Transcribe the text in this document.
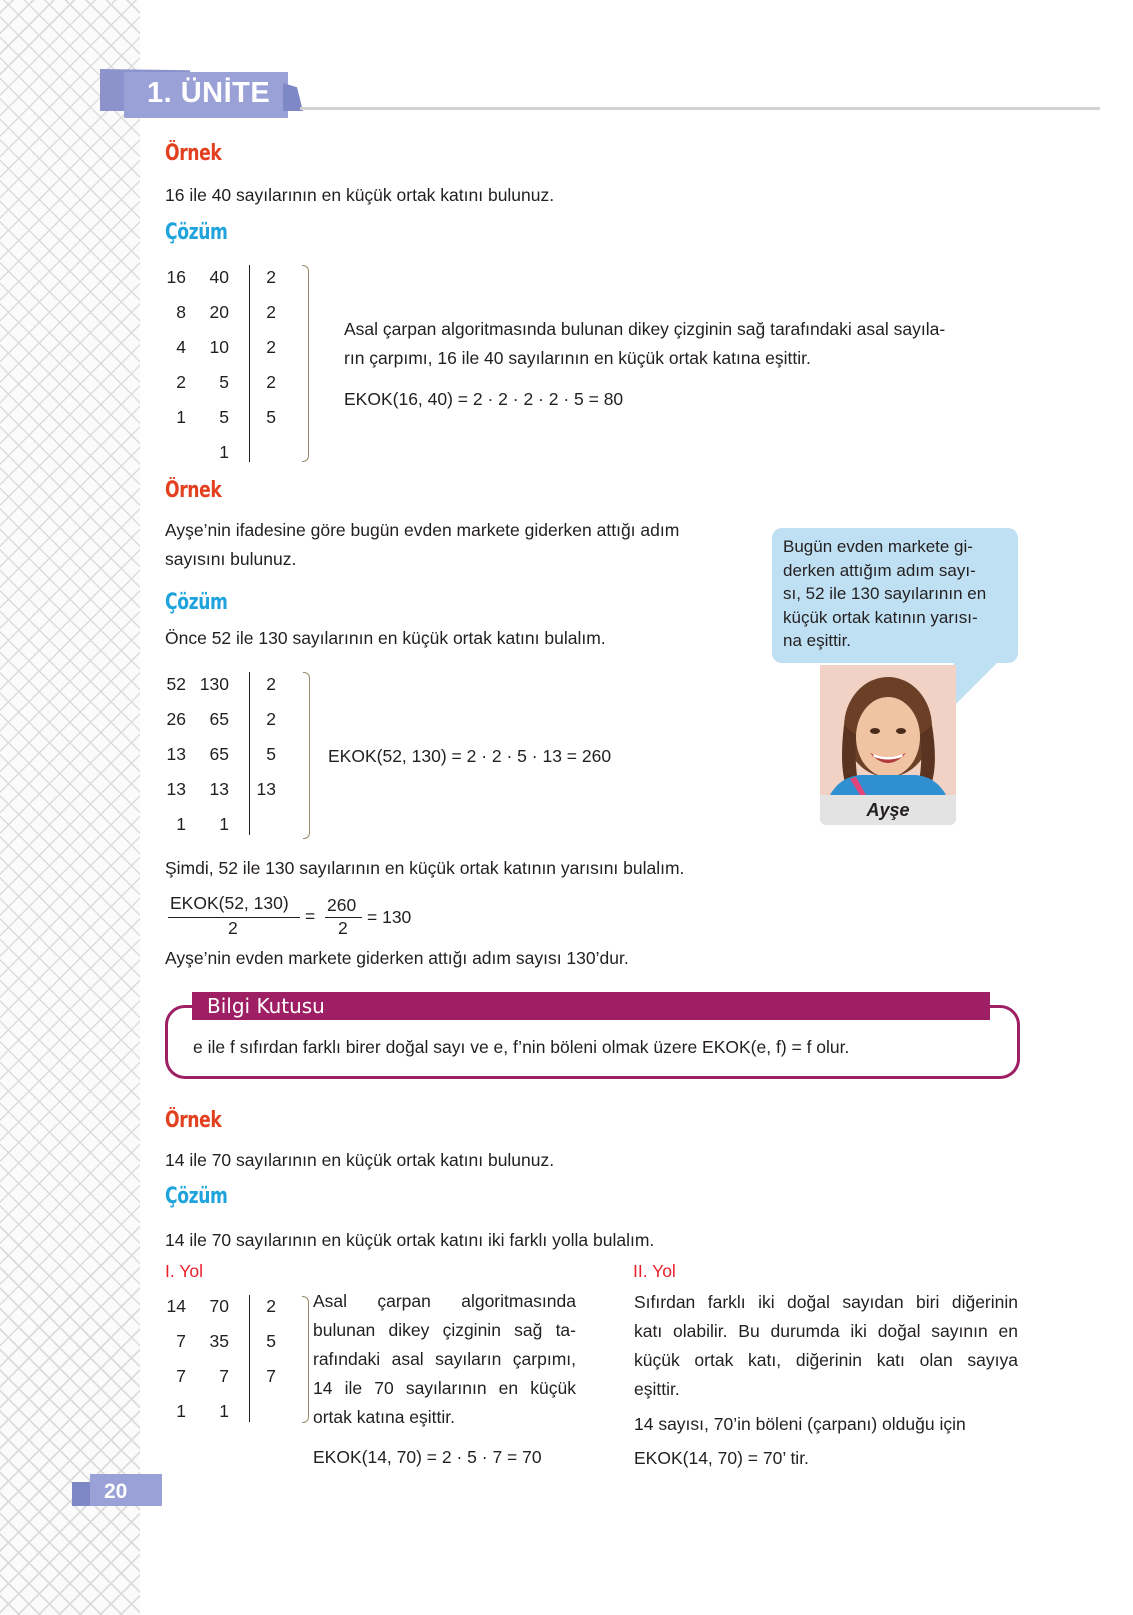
1. ÜNİTE
Örnek
16 ile 40 sayılarının en küçük ortak katını bulunuz.
Çözüm
16	40	2
8	20	2
4	10	2
2	5	2
1	5	5
1
Asal çarpan algoritmasında bulunan dikey çizginin sağ tarafındaki asal sayıla-
rın çarpımı, 16 ile 40 sayılarının en küçük ortak katına eşittir.
EKOK(16, 40) = 2 · 2 · 2 · 2 · 5 = 80
Örnek
Ayşe’nin ifadesine göre bugün evden markete giderken attığı adım
sayısını bulunuz.
Çözüm
Önce 52 ile 130 sayılarının en küçük ortak katını bulalım.
52 130	2
26	65	2
13	65	5
13	13	13
1	1
EKOK(52, 130) = 2 · 2 · 5 · 13 = 260
Bugün evden markete gi-
derken attığım adım sayı-
sı, 52 ile 130 sayılarının en
küçük ortak katının yarısı-
na eşittir.
Ayşe
Şimdi, 52 ile 130 sayılarının en küçük ortak katının yarısını bulalım.
EKOK(52, 130)
2
=
260
2
= 130
Ayşe’nin evden markete giderken attığı adım sayısı 130’dur.
Bilgi Kutusu
e ile f sıfırdan farklı birer doğal sayı ve e, f’nin böleni olmak üzere EKOK(e, f) = f olur.
Örnek
14 ile 70 sayılarının en küçük ortak katını bulunuz.
Çözüm
14 ile 70 sayılarının en küçük ortak katını iki farklı yolla bulalım.
I. Yol	II. Yol
14	70	2
7	35	5
7	7	7
1	1
Asal çarpan algoritmasında
bulunan dikey çizginin sağ ta-
rafındaki asal sayıların çarpımı,
14 ile 70 sayılarının en küçük
ortak katına eşittir.
EKOK(14, 70) = 2 · 5 · 7 = 70
Sıfırdan farklı iki doğal sayıdan biri diğerinin
katı olabilir. Bu durumda iki doğal sayının en
küçük ortak katı, diğerinin katı olan sayıya
eşittir.
14 sayısı, 70’in böleni (çarpanı) olduğu için
EKOK(14, 70) = 70’ tir.
20
